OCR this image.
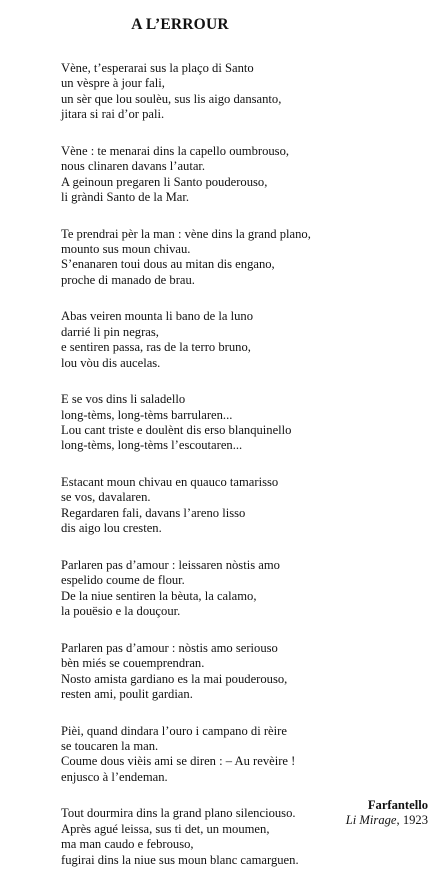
A L’ERROUR
Vène, t’esperarai sus la plaço di Santo
un vèspre à jour fali,
un sèr que lou soulèu, sus lis aigo dansanto,
jitara si rai d’or pali.
Vène : te menarai dins la capello oumbrouso,
nous clinaren davans l’autar.
A geinoun pregaren li Santo pouderouso,
li gràndi Santo de la Mar.
Te prendrai pèr la man : vène dins la grand plano,
mounto sus moun chivau.
S’enanaren toui dous au mitan dis engano,
proche di manado de brau.
Abas veiren mounta li bano de la luno
darrié li pin negras,
e sentiren passa, ras de la terro bruno,
lou vòu dis aucelas.
E se vos dins li saladello
long-tèms, long-tèms barrularen...
Lou cant triste e doulènt dis erso blanquinello
long-tèms, long-tèms l’escoutaren...
Estacant moun chivau en quauco tamarisso
se vos, davalaren.
Regardaren fali, davans l’areno lisso
dis aigo lou cresten.
Parlaren pas d’amour : leissaren nòstis amo
espelido coume de flour.
De la niue sentiren la bèuta, la calamo,
la pouësio e la douçour.
Parlaren pas d’amour : nòstis amo seriouso
bèn miés se couemprendran.
Nosto amista gardiano es la mai pouderouso,
resten ami, poulit gardian.
Pièi, quand dindara l’ouro i campano di rèire
se toucaren la man.
Coume dous vièis ami se diren : – Au revèire !
enjusco à l’endeman.
Tout dourmira dins la grand plano silenciouso.
Après agué leissa, sus ti det, un moumen,
ma man caudo e febrouso,
fugirai dins la niue sus moun blanc camarguen.
Farfantello
Li Mirage, 1923
